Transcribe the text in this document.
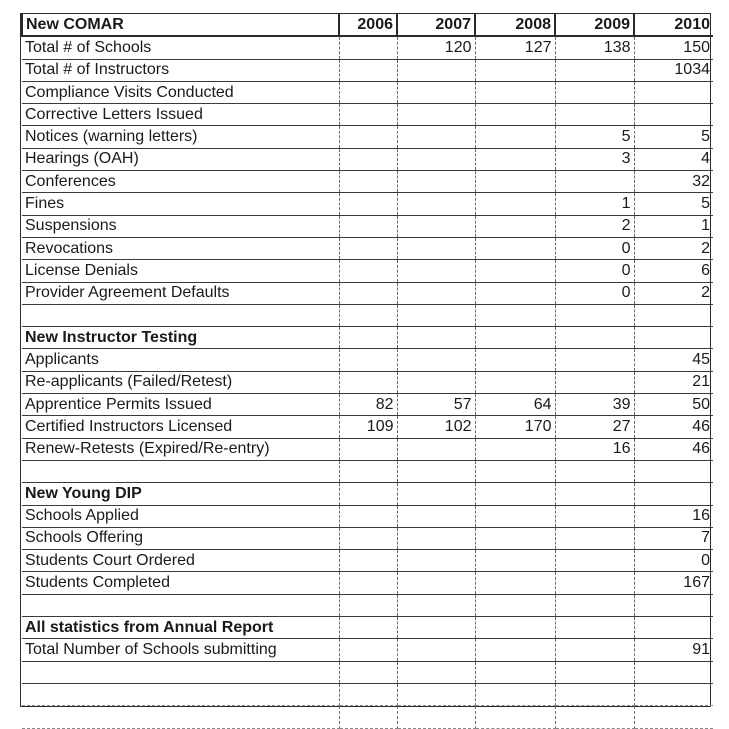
New COMAR	2006	2007	2008	2009	2010
Total # of Schools		120	127	138	150
Total # of Instructors					1034
Compliance Visits Conducted					
Corrective Letters Issued					
Notices (warning letters)				5	5
Hearings (OAH)				3	4
Conferences					32
Fines				1	5
Suspensions				2	1
Revocations				0	2
License Denials				0	6
Provider Agreement Defaults				0	2

New Instructor Testing					
Applicants					45
Re-applicants (Failed/Retest)					21
Apprentice Permits Issued	82	57	64	39	50
Certified Instructors Licensed	109	102	170	27	46
Renew-Retests (Expired/Re-entry)				16	46

New Young DIP					
Schools Applied					16
Schools Offering					7
Students Court Ordered					0
Students Completed					167

All statistics from Annual Report					
Total Number of Schools submitting					91
